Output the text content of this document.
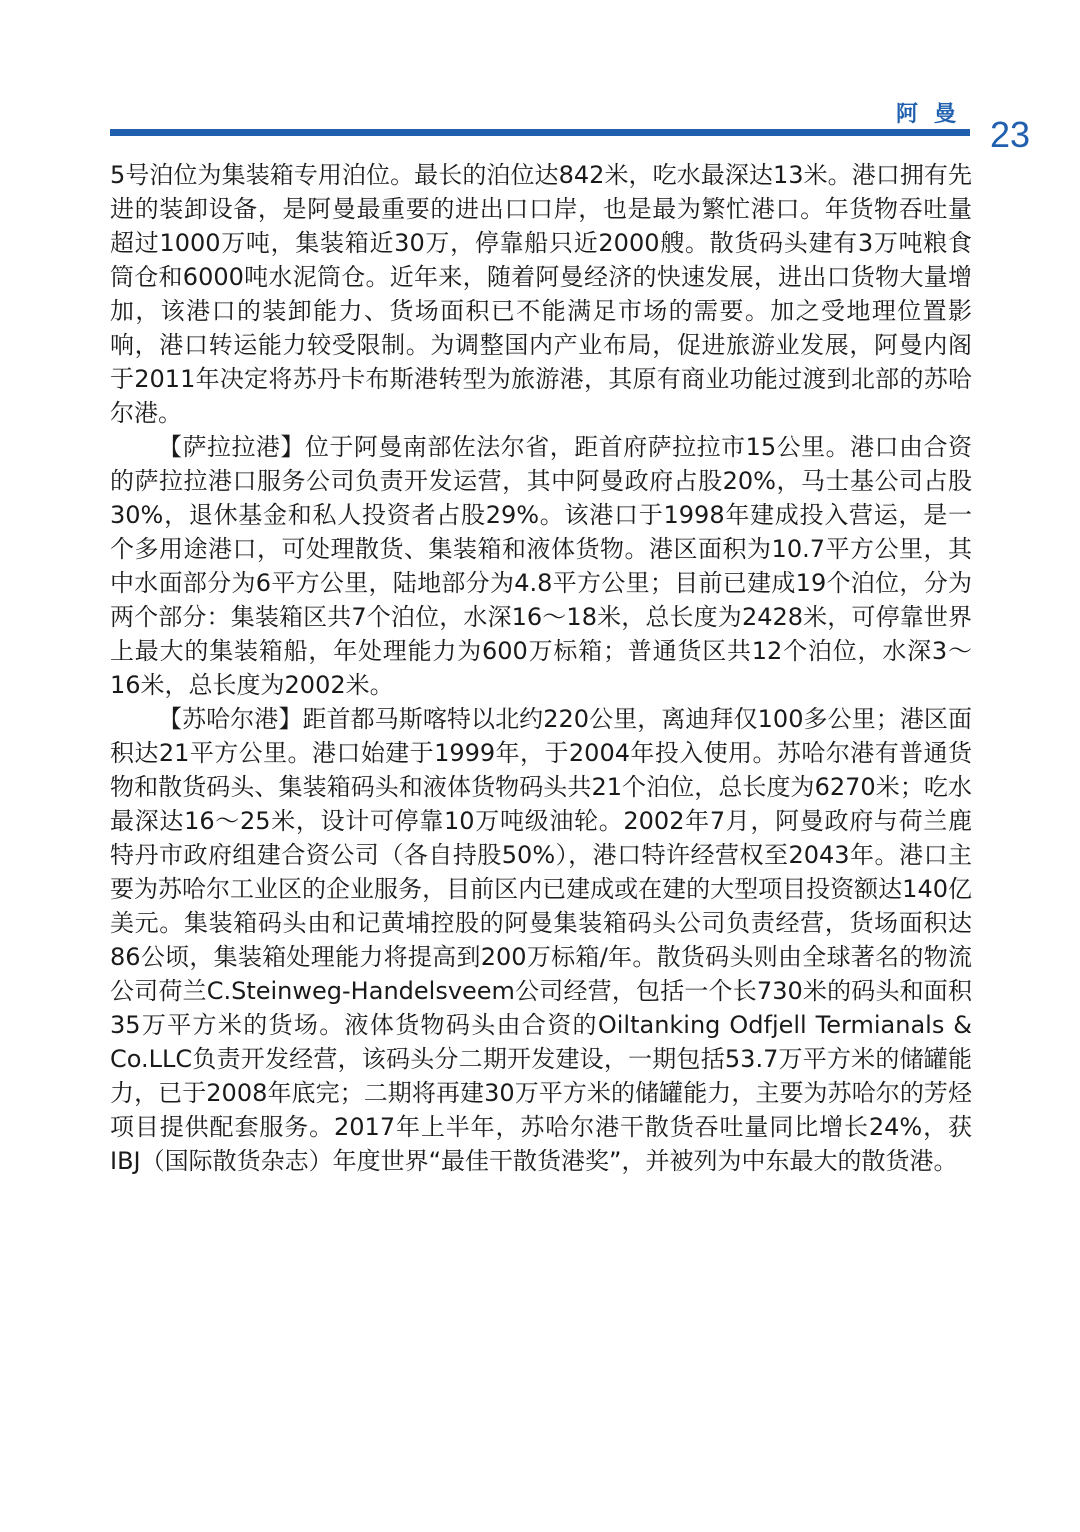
阿曼 23

5号泊位为集装箱专用泊位。最长的泊位达842米，吃水最深达13米。港口拥有先进的装卸设备，是阿曼最重要的进出口口岸，也是最为繁忙港口。年货物吞吐量超过1000万吨，集装箱近30万，停靠船只近2000艘。散货码头建有3万吨粮食筒仓和6000吨水泥筒仓。近年来，随着阿曼经济的快速发展，进出口货物大量增加，该港口的装卸能力、货场面积已不能满足市场的需要。加之受地理位置影响，港口转运能力较受限制。为调整国内产业布局，促进旅游业发展，阿曼内阁于2011年决定将苏丹卡布斯港转型为旅游港，其原有商业功能过渡到北部的苏哈尔港。

【萨拉拉港】位于阿曼南部佐法尔省，距首府萨拉拉市15公里。港口由合资的萨拉拉港口服务公司负责开发运营，其中阿曼政府占股20%，马士基公司占股30%，退休基金和私人投资者占股29%。该港口于1998年建成投入营运，是一个多用途港口，可处理散货、集装箱和液体货物。港区面积为10.7平方公里，其中水面部分为6平方公里，陆地部分为4.8平方公里；目前已建成19个泊位，分为两个部分：集装箱区共7个泊位，水深16～18米，总长度为2428米，可停靠世界上最大的集装箱船，年处理能力为600万标箱；普通货区共12个泊位，水深3～16米，总长度为2002米。

【苏哈尔港】距首都马斯喀特以北约220公里，离迪拜仅100多公里；港区面积达21平方公里。港口始建于1999年，于2004年投入使用。苏哈尔港有普通货物和散货码头、集装箱码头和液体货物码头共21个泊位，总长度为6270米；吃水最深达16～25米，设计可停靠10万吨级油轮。2002年7月，阿曼政府与荷兰鹿特丹市政府组建合资公司（各自持股50%），港口特许经营权至2043年。港口主要为苏哈尔工业区的企业服务，目前区内已建成或在建的大型项目投资额达140亿美元。集装箱码头由和记黄埔控股的阿曼集装箱码头公司负责经营，货场面积达86公顷，集装箱处理能力将提高到200万标箱/年。散货码头则由全球著名的物流公司荷兰C.Steinweg-Handelsveem公司经营，包括一个长730米的码头和面积35万平方米的货场。液体货物码头由合资的Oiltanking Odfjell Termianals & Co.LLC负责开发经营，该码头分二期开发建设，一期包括53.7万平方米的储罐能力，已于2008年底完；二期将再建30万平方米的储罐能力，主要为苏哈尔的芳烃项目提供配套服务。2017年上半年，苏哈尔港干散货吞吐量同比增长24%，获IBJ（国际散货杂志）年度世界“最佳干散货港奖”，并被列为中东最大的散货港。
